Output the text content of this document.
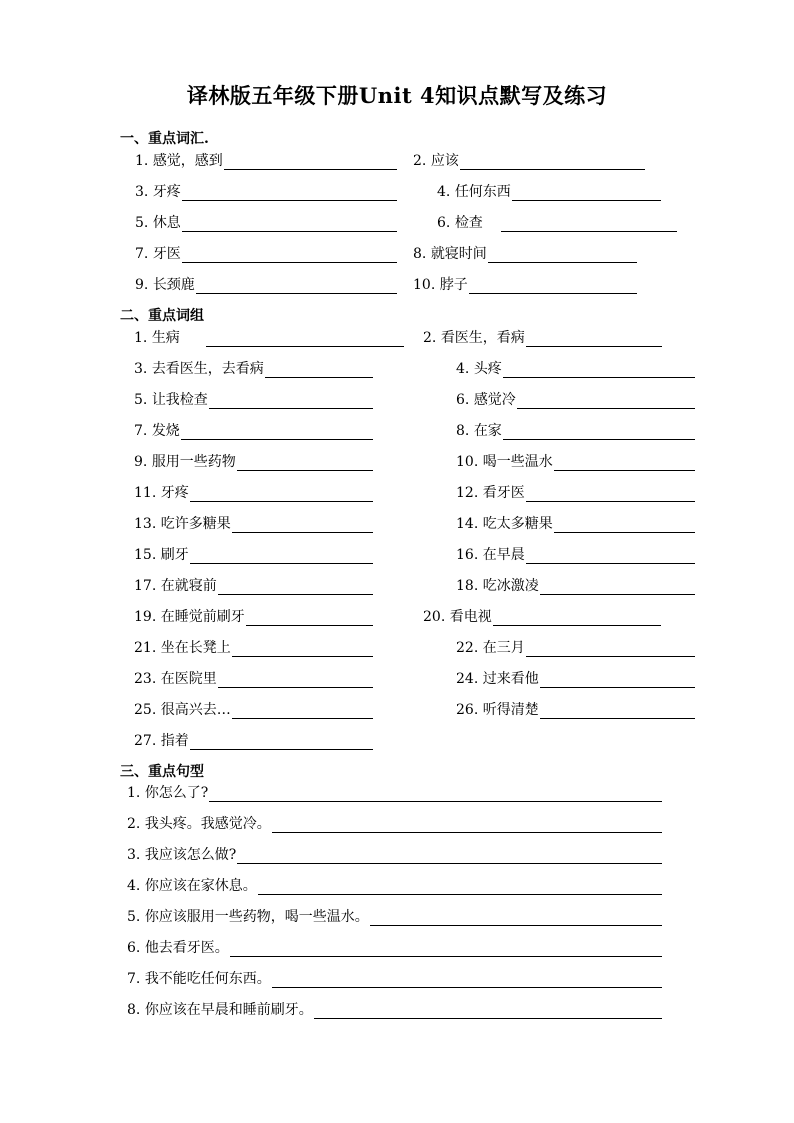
译林版五年级下册Unit 4知识点默写及练习
一、重点词汇.
二、重点词组
三、重点句型
1. 感觉，感到	2. 应该
3. 牙疼	4. 任何东西
5. 休息	6. 检查
7. 牙医	8. 就寝时间
9. 长颈鹿	10. 脖子
1. 生病	2. 看医生，看病
3. 去看医生，去看病	4. 头疼
5. 让我检查	6. 感觉冷
7. 发烧	8. 在家
9. 服用一些药物	10. 喝一些温水
11. 牙疼	12. 看牙医
13. 吃许多糖果	14. 吃太多糖果
15. 刷牙	16. 在早晨
17. 在就寝前	18. 吃冰激凌
19. 在睡觉前刷牙	20. 看电视
21. 坐在长凳上	22. 在三月
23. 在医院里	24. 过来看他
25. 很高兴去…	26. 听得清楚
27. 指着
1. 你怎么了?
2. 我头疼。我感觉冷。
3. 我应该怎么做?
4. 你应该在家休息。
5. 你应该服用一些药物，喝一些温水。
6. 他去看牙医。
7. 我不能吃任何东西。
8. 你应该在早晨和睡前刷牙。
